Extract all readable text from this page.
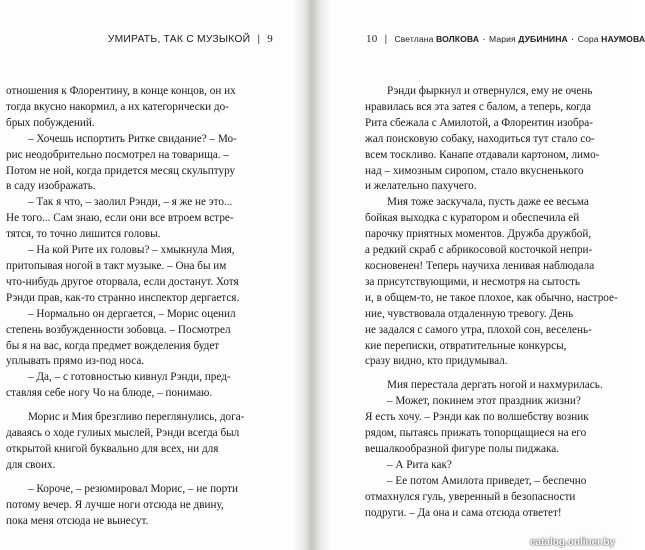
УМИРАТЬ, ТАК С МУЗЫКОЙ | 9

отношения к Флорентину, в конце концов, он их

тогда вкусно накормил, а их категорически до-

брых побуждений.

– Хочешь испортить Ритке свидание? – Мо-

рис неодобрительно посмотрел на товарища. –

Потом не ной, когда придется месяц скульптуру

в саду изображать.

– Так я что, – заолил Рэнди, – я же не это...

Не того... Сам знаю, если они все втроем встре-

тятся, то точно лишится головы.

– На кой Рите их головы? – хмыкнула Мия,

притопывая ногой в такт музыке. – Она бы им

что-нибудь другое оторвала, если достанут. Хотя

Рэнди прав, как-то странно инспектор дергается.

– Нормально он дергается, – Морис оценил

степень возбужденности зобовца. – Посмотрел

бы я на вас, когда предмет вожделения будет

уплывать прямо из-под носа.

– Да, – с готовностью кивнул Рэнди, пред-

ставляя себе ногу Чо на блюде, – понимаю.

Морис и Мия брезгливо переглянулись, дога-

даваясь о ходе гулиых мыслей, Рэнди всегда был

открытой книгой буквально для всех, ни для

для своих.

– Короче, – резюмировал Морис, – не порти

потому вечер. Я лучше ноги отсюда не двину,

пока меня отсюда не вынесут.

10 | Светлана ВОЛКОВА · Мария ДУБИНИНА · Сора НАУМОВА

Рэнди фыркнул и отвернулся, ему не очень

нравилась вся эта затея с балом, а теперь, когда

Рита сбежала с Амилотой, а Флорентин изобра-

жал поисковую собаку, находиться тут стало со-

всем тоскливо. Канапе отдавали картоном, лимо-

над – химозным сиропом, стало вкусненького

и желательно пахучего.

Мия тоже заскучала, пусть даже ее весьма

бойкая выходка с куратором и обеспечила ей

парочку приятных моментов. Дружба дружбой,

а редкий скраб с абрикосовой косточкой непри-

косновенен! Теперь научиха ленивая наблюдала

за присутствующими, и несмотря на сытость

и, в общем-то, не такое плохое, как обычно, настрое-

ние, чувствовала отдаленную тревогу. День

не задался с самого утра, плохой сон, веселень-

кие переписки, отвратительные конкурсы,

сразу видно, кто придумывал.

Мия перестала дергать ногой и нахмурилась.

– Может, покинем этот праздник жизни?

Я есть хочу. – Рэнди как по волшебству возник

рядом, пытаясь прижать топорщащиеся на его

вешалкообразной фигуре полы пиджака.

– А Рита как?

– Ее потом Амилота приведет, – беспечно

отмахнулся гуль, уверенный в безопасности

подруги. – Да она и сама отсюда ответет!

catalog.onliner.by
